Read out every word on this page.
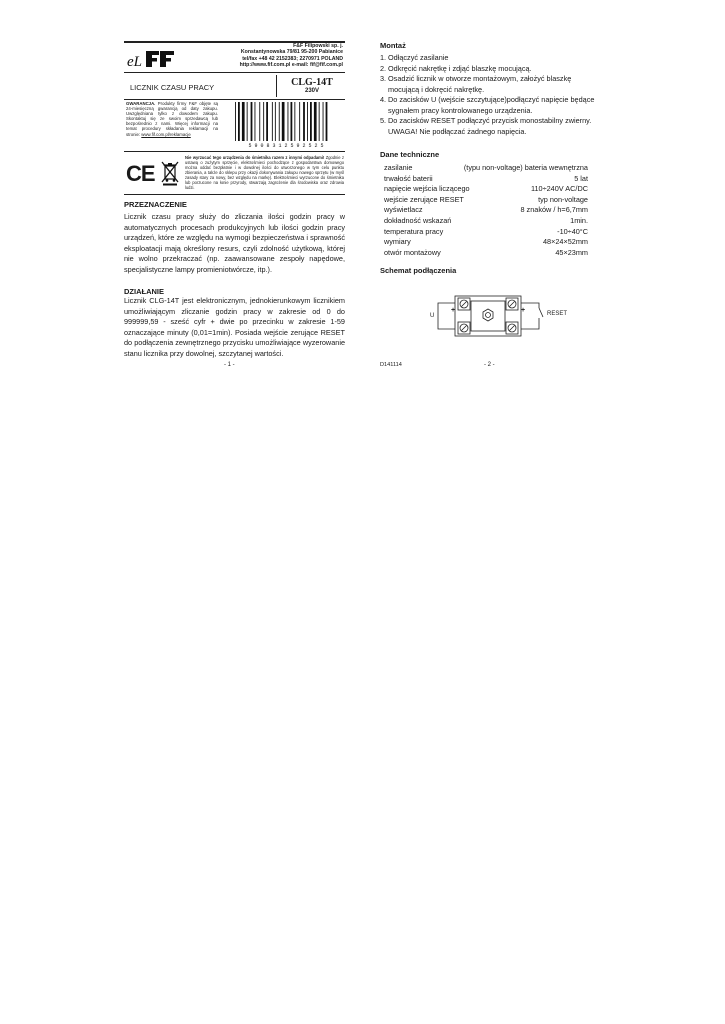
eL
F&F Filipowski sp. j.
Konstantynowska 79/81 95-200 Pabianice
tel/fax +48 42 2152383; 2270971 POLAND
http://www.fif.com.pl e-mail: fif@fif.com.pl
LICZNIK CZASU PRACY	CLG-14T
230V
GWARANCJA. Produkty firmy F&F objęte są 24-miesięczną gwarancją od daty zakupu. Uwzględniana tylko z dowodem zakupu. Skontaktuj się ze swoim sprzedawcą lub bezpośrednio z nami. Więcej informacji na temat procedury składania reklamacji na stronie: www.fif.com.pl/reklamacje
5 9 0 8 3 1 2 5 9 2 5 2 5
CE
Nie wyrzucać tego urządzenia do śmietnika razem z innymi odpadami! Zgodnie z ustawą o zużytym sprzęcie, elektrośmieci pochodzące z gospodarstwa domowego można oddać bezpłatnie i w dowolnej ilości do utworzonego w tym celu punktu zbierania, a także do sklepu przy okazji dokonywania zakupu nowego sprzętu (w myśl zasady stary za nowy, bez względu na markę). Elektrośmieci wyrzucone do śmietnika lub porzucone na łonie przyrody, stwarzają zagrożenie dla środowiska oraz zdrowia ludzi.
PRZEZNACZENIE
Licznik czasu pracy służy do zliczania ilości godzin pracy w automatycznych procesach produkcyjnych lub ilości godzin pracy urządzeń, które ze względu na wymogi bezpieczeństwa i sprawność eksploatacji mają określony resurs, czyli zdolność użytkową, której nie wolno przekraczać (np. zaawansowane zespoły napędowe, specjalistyczne lampy promieniotwórcze, itp.).
DZIAŁANIE
Licznik CLG-14T jest elektronicznym, jednokierunkowym licznikiem umożliwiającym zliczanie godzin pracy w zakresie od 0 do 999999,59 - sześć cyfr + dwie po przecinku w zakresie 1-59 oznaczające minuty (0,01=1min). Posiada wejście zerujące RESET do podłączenia zewnętrznego przycisku umożliwiające wyzerowanie stanu licznika przy dowolnej, szczytanej wartości.
- 1 -
Montaż
1. Odłączyć zasilanie
2. Odkręcić nakrętkę i zdjąć blaszkę mocującą.
3. Osadzić licznik w otworze montażowym, założyć blaszkę mocującą i dokręcić nakrętkę.
4. Do zacisków U (wejście szczytujące)podłączyć napięcie będące sygnałem pracy kontrolowanego urządzenia.
5. Do zacisków RESET podłączyć przycisk monostabilny zwierny. UWAGA! Nie podłączać żadnego napięcia.
Dane techniczne
zasilanie	(typu non-voltage) bateria wewnętrzna
trwałość baterii	5 lat
napięcie wejścia liczącego	110÷240V AC/DC
wejście zerujące RESET	typ non-voltage
wyświetlacz	8 znaków / h=6,7mm
dokładność wskazań	1min.
temperatura pracy	-10÷40°C
wymiary	48×24×52mm
otwór montażowy	45×23mm
Schemat podłączenia
U
+	+	RESET
D141114	- 2 -
